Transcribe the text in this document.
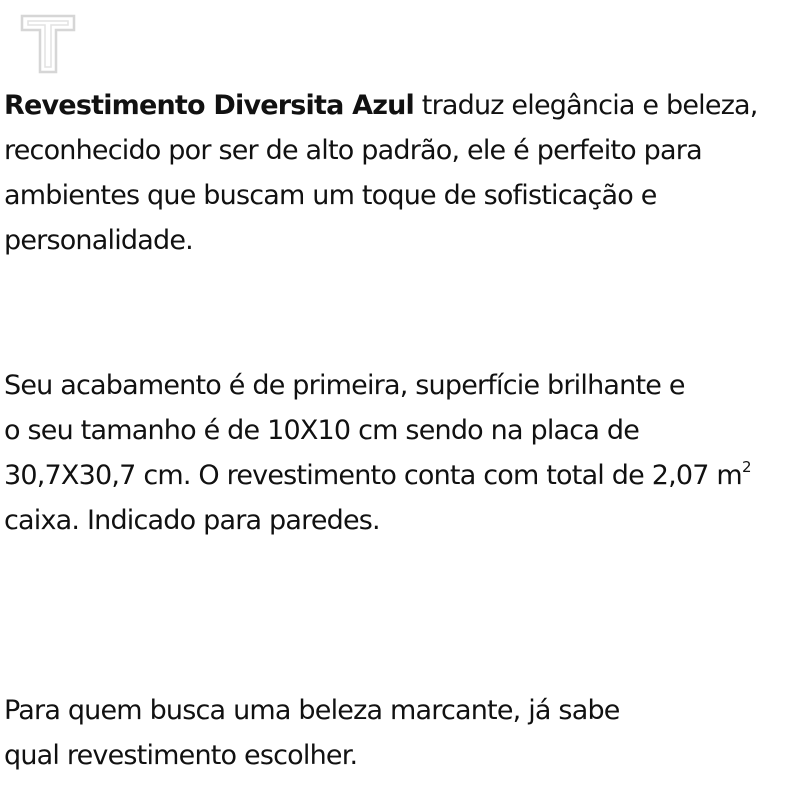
Revestimento Diversita Azul traduz elegância e beleza,
reconhecido por ser de alto padrão, ele é perfeito para
ambientes que buscam um toque de sofisticação e
personalidade.

Seu acabamento é de primeira, superfície brilhante e
o seu tamanho é de 10X10 cm sendo na placa de
30,7X30,7 cm. O revestimento conta com total de 2,07 $m^2$
caixa. Indicado para paredes.

Para quem busca uma beleza marcante, já sabe
qual revestimento escolher.
